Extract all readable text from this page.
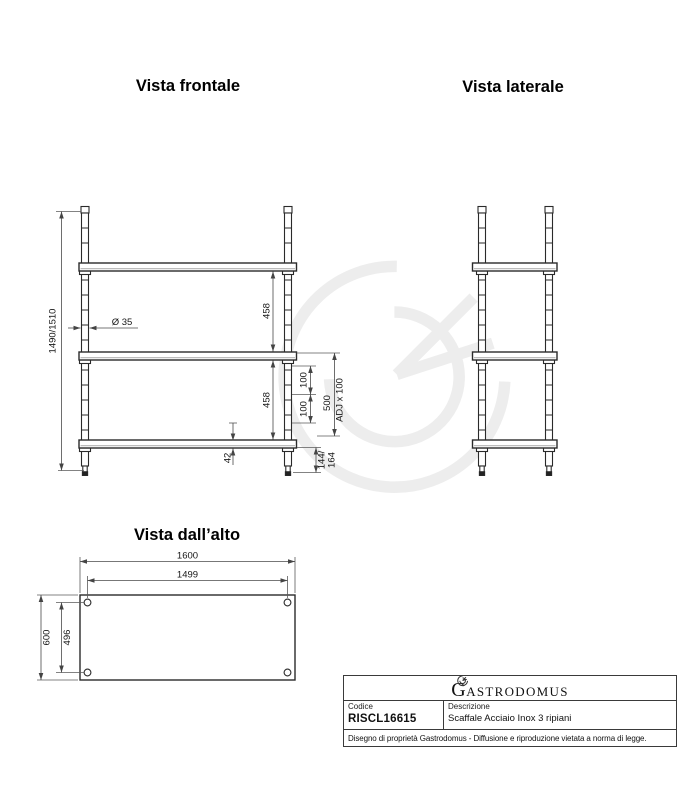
Vista frontale	Vista laterale
Vista dall’alto
1490/1510	Ø 35
458
458
100
100 500 ADJ x 100
42	144/ 164
1600
1499
600 496
G ASTRODOMUS
Codice
RISCL16615
Descrizione
Scaffale Acciaio Inox 3 ripiani
Disegno di proprietà Gastrodomus - Diffusione e riproduzione vietata a norma di legge.
